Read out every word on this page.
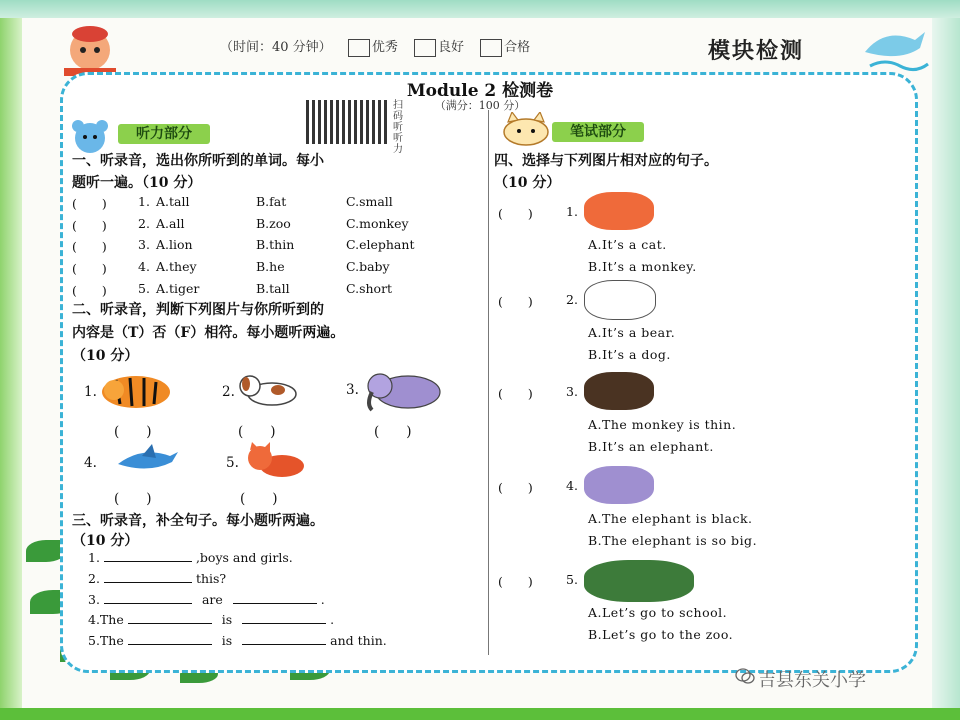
（时间：40 分钟）	优秀	良好	合格	模块检测
Module 2 检测卷
（满分：100 分）
扫码听听力
听力部分
一、听录音，选出你所听到的单词。每小
题听一遍。（10 分）
(　　) 1. A.tall	B.fat	C.small
(　　) 2. A.all	B.zoo	C.monkey
(　　) 3. A.lion	B.thin	C.elephant
(　　) 4. A.they	B.he	C.baby
(　　) 5. A.tiger	B.tall	C.short
二、听录音，判断下列图片与你所听到的
内容是（T）否（F）相符。每小题听两遍。
（10 分）
1.	2.	3.
(　　)	(　　)	(　　)
4.	5.
(　　)	(　　)
三、听录音，补全句子。每小题听两遍。
（10 分）
1.	,boys and girls.
2.	this?
3.	are	.
4.The	is	.
5.The	is	and thin.
笔试部分
四、选择与下列图片相对应的句子。
（10 分）
(　　)	1.
A.It’s a cat.
B.It’s a monkey.
(　　)	2.
A.It’s a bear.
B.It’s a dog.
(　　)	3.
A.The monkey is thin.
B.It’s an elephant.
(　　)	4.
A.The elephant is black.
B.The elephant is so big.
(　　)	5.
A.Let’s go to school.
B.Let’s go to the zoo.
吉县东关小学
